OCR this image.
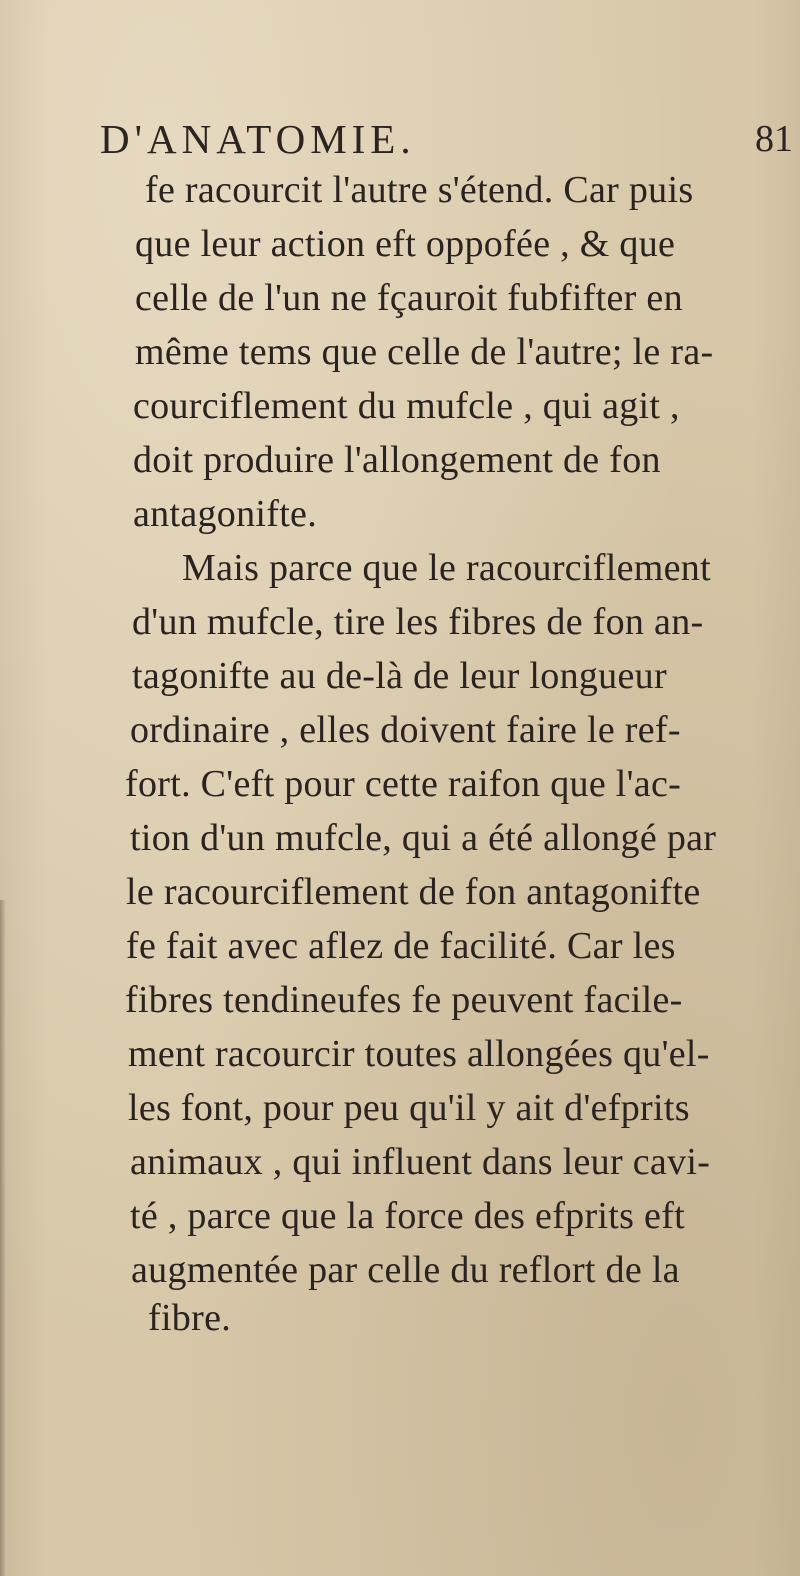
D'ANATOMIE.	81
fe racourcit l'autre s'étend. Car puis
que leur action eft oppofée , & que
celle de l'un ne fçauroit fubfifter en
même tems que celle de l'autre; le ra-
courciflement du mufcle , qui agit ,
doit produire l'allongement de fon
antagonifte.
Mais parce que le racourciflement
d'un mufcle, tire les fibres de fon an-
tagonifte au de-là de leur longueur
ordinaire , elles doivent faire le ref-
fort. C'eft pour cette raifon que l'ac-
tion d'un mufcle, qui a été allongé par
le racourciflement de fon antagonifte
fe fait avec aflez de facilité. Car les
fibres tendineufes fe peuvent facile-
ment racourcir toutes allongées qu'el-
les font, pour peu qu'il y ait d'efprits
animaux , qui influent dans leur cavi-
té , parce que la force des efprits eft
augmentée par celle du reflort de la
fibre.
